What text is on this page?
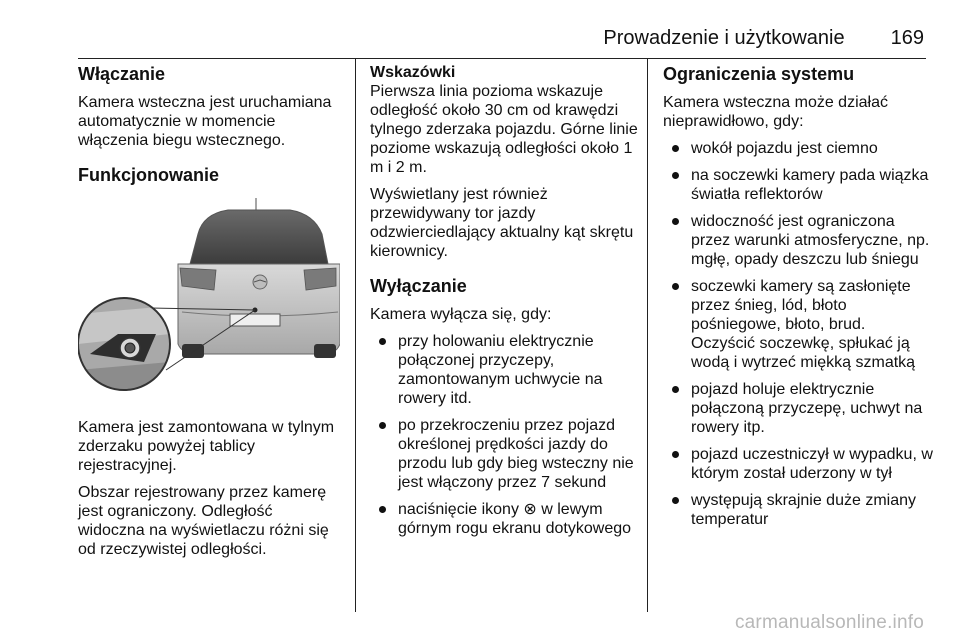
Prowadzenie i użytkowanie 169
Włączanie

Kamera wsteczna jest uruchamiana automatycznie w momencie włączenia biegu wstecznego.

Funkcjonowanie

Kamera jest zamontowana w tylnym zderzaku powyżej tablicy rejestracyjnej.

Obszar rejestrowany przez kamerę jest ograniczony. Odległość widoczna na wyświetlaczu różni się od rzeczywistej odległości.

Wskazówki

Pierwsza linia pozioma wskazuje odległość około 30 cm od krawędzi tylnego zderzaka pojazdu. Górne linie poziome wskazują odległości około 1 m i 2 m.

Wyświetlany jest również przewidywany tor jazdy odzwierciedlający aktualny kąt skrętu kierownicy.

Wyłączanie

Kamera wyłącza się, gdy:

przy holowaniu elektrycznie połączonej przyczepy, zamontowanym uchwycie na rowery itd.
po przekroczeniu przez pojazd określonej prędkości jazdy do przodu lub gdy bieg wsteczny nie jest włączony przez 7 sekund
naciśnięcie ikony ⊗ w lewym górnym rogu ekranu dotykowego
Ograniczenia systemu

Kamera wsteczna może działać nieprawidłowo, gdy:

wokół pojazdu jest ciemno
na soczewki kamery pada wiązka światła reflektorów
widoczność jest ograniczona przez warunki atmosferyczne, np. mgłę, opady deszczu lub śniegu
soczewki kamery są zasłonięte przez śnieg, lód, błoto pośniegowe, błoto, brud. Oczyścić soczewkę, spłukać ją wodą i wytrzeć miękką szmatką
pojazd holuje elektrycznie połączoną przyczepę, uchwyt na rowery itp.
pojazd uczestniczył w wypadku, w którym został uderzony w tył
występują skrajnie duże zmiany temperatur
carmanualsonline.info
